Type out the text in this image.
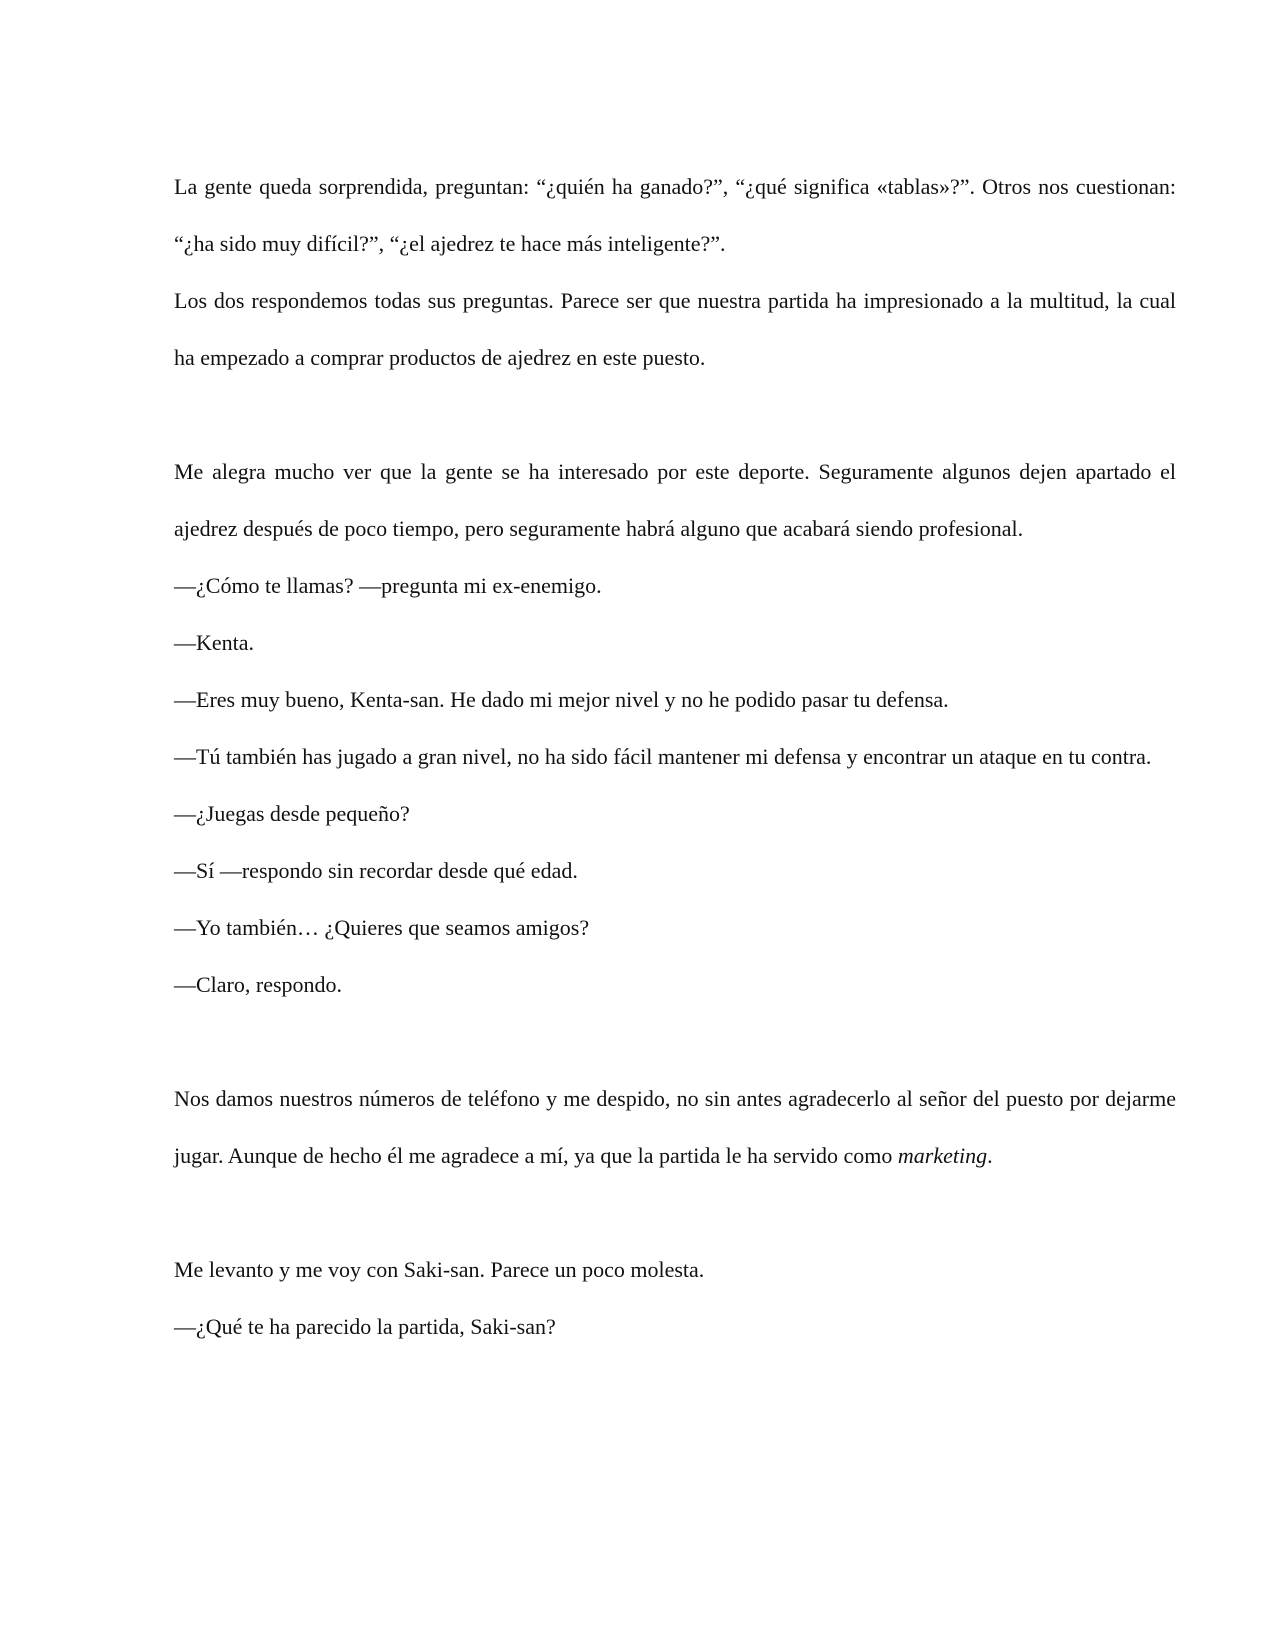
La gente queda sorprendida, preguntan: “¿quién ha ganado?”, “¿qué significa «tablas»?”. Otros nos cuestionan: “¿ha sido muy difícil?”, “¿el ajedrez te hace más inteligente?”.

Los dos respondemos todas sus preguntas. Parece ser que nuestra partida ha impresionado a la multitud, la cual ha empezado a comprar productos de ajedrez en este puesto.

Me alegra mucho ver que la gente se ha interesado por este deporte. Seguramente algunos dejen apartado el ajedrez después de poco tiempo, pero seguramente habrá alguno que acabará siendo profesional.

—¿Cómo te llamas? —pregunta mi ex-enemigo.

—Kenta.

—Eres muy bueno, Kenta-san. He dado mi mejor nivel y no he podido pasar tu defensa.

—Tú también has jugado a gran nivel, no ha sido fácil mantener mi defensa y encontrar un ataque en tu contra.

—¿Juegas desde pequeño?

—Sí —respondo sin recordar desde qué edad.

—Yo también… ¿Quieres que seamos amigos?

—Claro, respondo.

Nos damos nuestros números de teléfono y me despido, no sin antes agradecerlo al señor del puesto por dejarme jugar. Aunque de hecho él me agradece a mí, ya que la partida le ha servido como marketing.

Me levanto y me voy con Saki-san. Parece un poco molesta.

—¿Qué te ha parecido la partida, Saki-san?
